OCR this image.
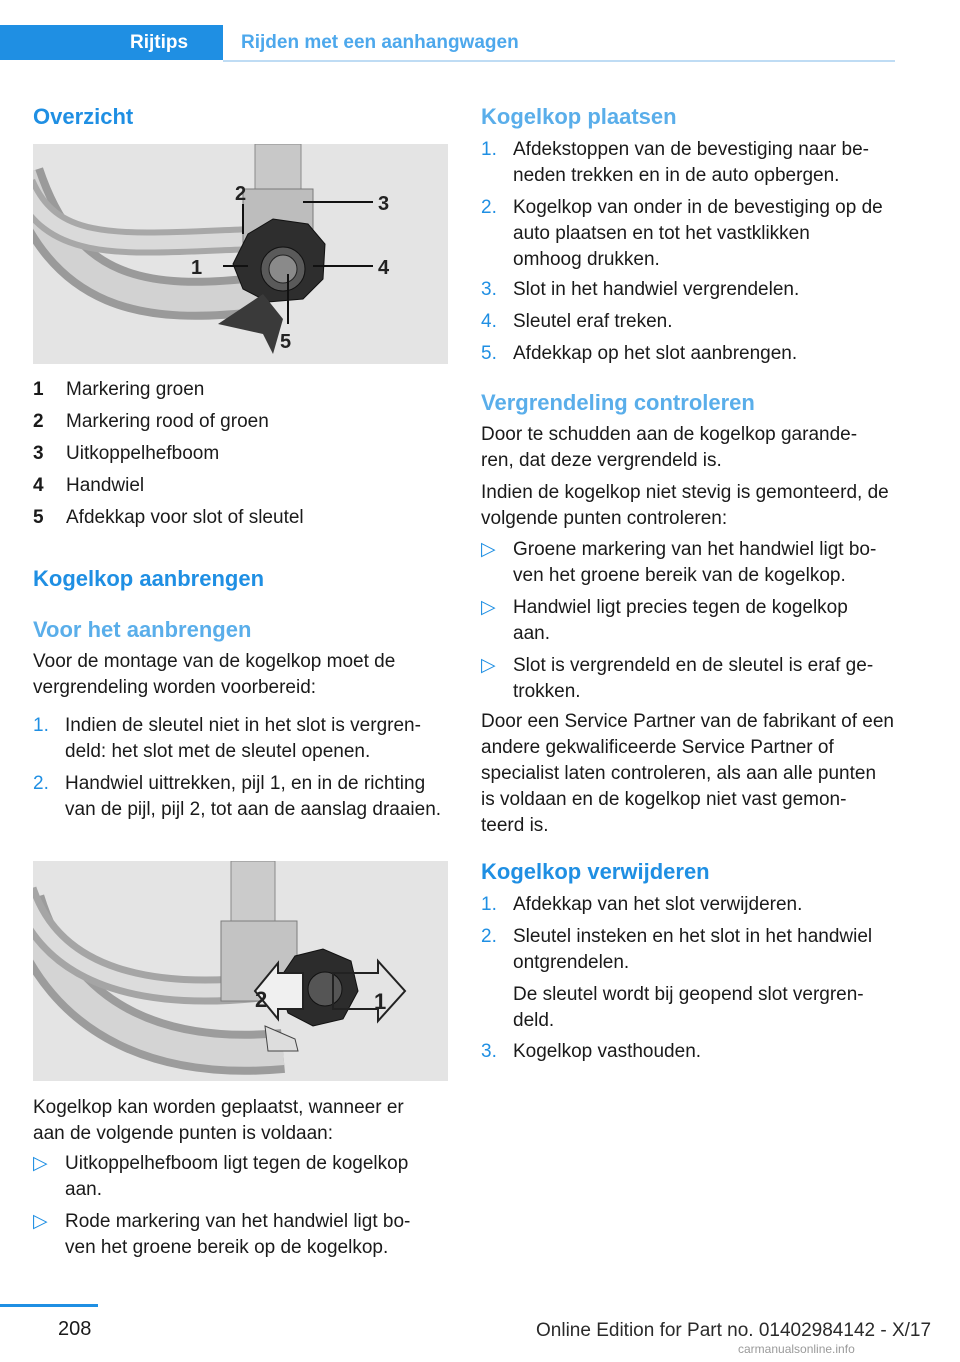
Rijtips	Rijden met een aanhangwagen
Overzicht
1
2	3
4
5
1 Markering groen
2 Markering rood of groen
3 Uitkoppelhefboom
4 Handwiel
5 Afdekkap voor slot of sleutel
Kogelkop aanbrengen
Voor het aanbrengen
Voor de montage van de kogelkop moet de vergrendeling worden voorbereid:
1. Indien de sleutel niet in het slot is vergren‐ deld: het slot met de sleutel openen.
2. Handwiel uittrekken, pijl 1, en in de richting van de pijl, pijl 2, tot aan de aanslag draaien.
2	1
Kogelkop kan worden geplaatst, wanneer er aan de volgende punten is voldaan:
▷ Uitkoppelhefboom ligt tegen de kogelkop aan.
▷ Rode markering van het handwiel ligt bo‐ ven het groene bereik op de kogelkop.
Kogelkop plaatsen
1. Afdekstoppen van de bevestiging naar be‐ neden trekken en in de auto opbergen.
2. Kogelkop van onder in de bevestiging op de auto plaatsen en tot het vastklikken omhoog drukken.
3. Slot in het handwiel vergrendelen.
4. Sleutel eraf treken.
5. Afdekkap op het slot aanbrengen.
Vergrendeling controleren
Door te schudden aan de kogelkop garande‐ ren, dat deze vergrendeld is.
Indien de kogelkop niet stevig is gemonteerd, de volgende punten controleren:
▷ Groene markering van het handwiel ligt bo‐ ven het groene bereik van de kogelkop.
▷ Handwiel ligt precies tegen de kogelkop aan.
▷ Slot is vergrendeld en de sleutel is eraf ge‐ trokken.
Door een Service Partner van de fabrikant of een andere gekwalificeerde Service Partner of specialist laten controleren, als aan alle punten is voldaan en de kogelkop niet vast gemon‐ teerd is.
Kogelkop verwijderen
1. Afdekkap van het slot verwijderen.
2. Sleutel insteken en het slot in het handwiel ontgrendelen.
De sleutel wordt bij geopend slot vergren‐ deld.
3. Kogelkop vasthouden.
208	Online Edition for Part no. 01402984142 - X/17
carmanualsonline.info
